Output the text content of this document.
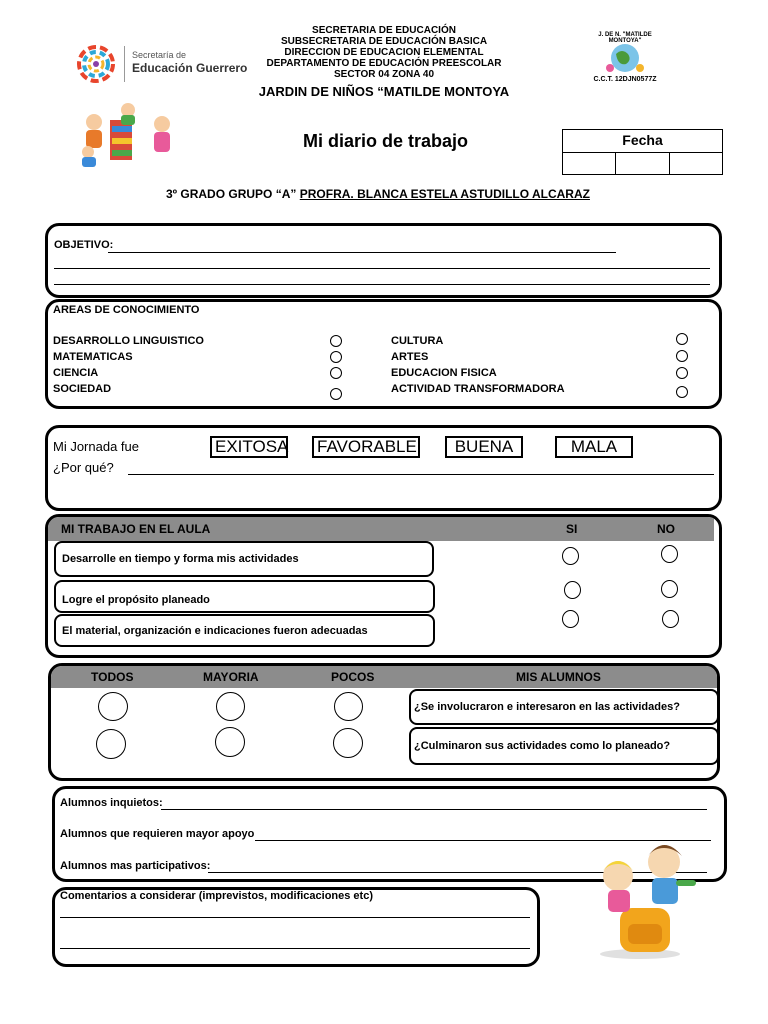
SECRETARIA DE EDUCACIÓN
SUBSECRETARIA DE EDUCACIÓN BASICA
DIRECCION DE EDUCACION ELEMENTAL
DEPARTAMENTO DE EDUCACIÓN PREESCOLAR
SECTOR 04 ZONA 40
JARDIN DE NIÑOS “MATILDE MONTOYA
Secretaría de
Educación Guerrero
J. DE N. "MATILDE MONTOYA"
C.C.T. 12DJN0577Z
Mi diario de trabajo	Fecha
3º GRADO GRUPO “A” PROFRA. BLANCA ESTELA ASTUDILLO ALCARAZ
OBJETIVO:
AREAS DE CONOCIMIENTO
DESARROLLO LINGUISTICO
MATEMATICAS
CIENCIA
SOCIEDAD
CULTURA
ARTES
EDUCACION FISICA
ACTIVIDAD TRANSFORMADORA
Mi Jornada fue	EXITOSA FAVORABLE	BUENA	MALA
¿Por qué?
MI TRABAJO EN EL AULA	SI	NO
Desarrolle en tiempo y forma mis actividades
Logre el propósito planeado
El material, organización e indicaciones fueron adecuadas
TODOS	MAYORIA	POCOS	MIS ALUMNOS
¿Se involucraron e interesaron en las actividades?
¿Culminaron sus actividades como lo planeado?
Alumnos inquietos:
Alumnos que requieren mayor apoyo
Alumnos mas participativos:
Comentarios a considerar (imprevistos, modificaciones etc)
